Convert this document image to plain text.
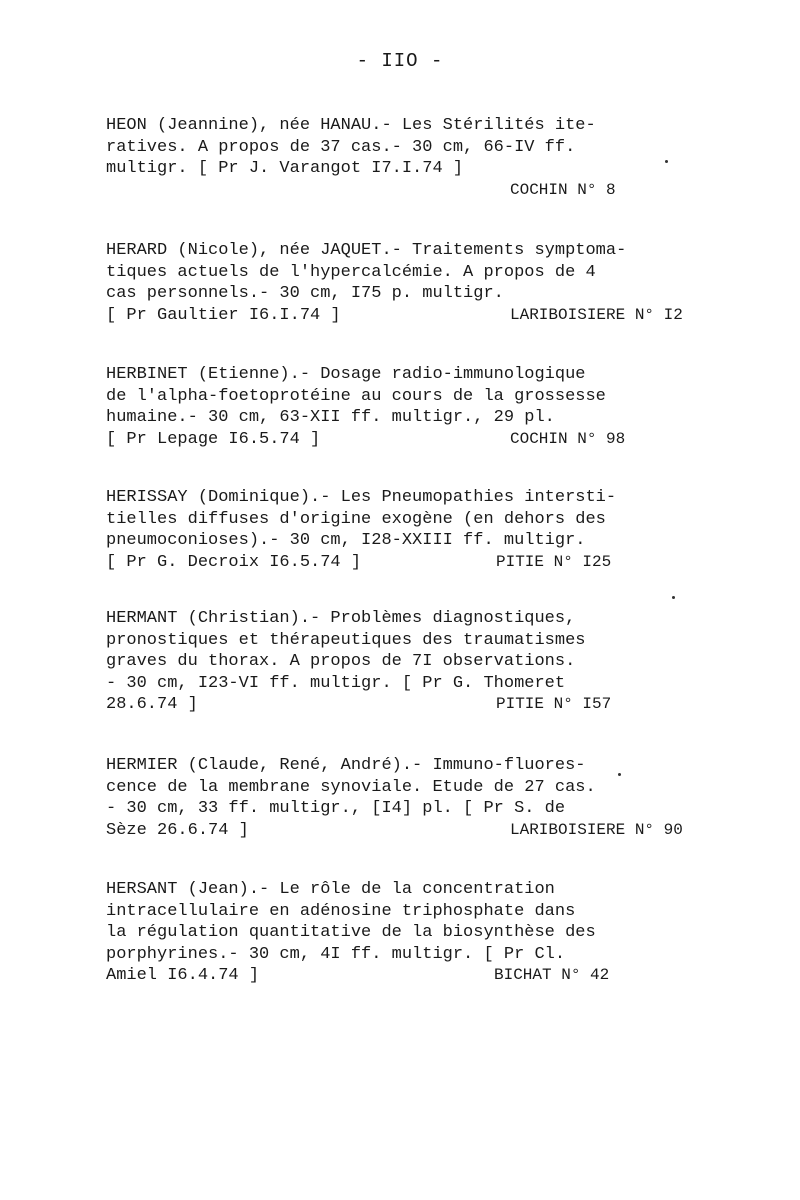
- IIO -
HEON (Jeannine), née HANAU.- Les Stérilités ite-
ratives. A propos de 37 cas.- 30 cm, 66-IV ff.
multigr. [ Pr J. Varangot I7.I.74 ]
COCHIN N° 8
HERARD (Nicole), née JAQUET.- Traitements symptoma-
tiques actuels de l'hypercalcémie. A propos de 4
cas personnels.- 30 cm, I75 p. multigr.
[ Pr Gaultier I6.I.74 ]	LARIBOISIERE N° I2
HERBINET (Etienne).- Dosage radio-immunologique
de l'alpha-foetoprotéine au cours de la grossesse
humaine.- 30 cm, 63-XII ff. multigr., 29 pl.
[ Pr Lepage I6.5.74 ]	COCHIN N° 98
HERISSAY (Dominique).- Les Pneumopathies intersti-
tielles diffuses d'origine exogène (en dehors des
pneumoconioses).- 30 cm, I28-XXIII ff. multigr.
[ Pr G. Decroix I6.5.74 ]	PITIE N° I25
HERMANT (Christian).- Problèmes diagnostiques,
pronostiques et thérapeutiques des traumatismes
graves du thorax. A propos de 7I observations.
- 30 cm, I23-VI ff. multigr. [ Pr G. Thomeret
28.6.74 ]	PITIE N° I57
HERMIER (Claude, René, André).- Immuno-fluores-
cence de la membrane synoviale. Etude de 27 cas.
- 30 cm, 33 ff. multigr., [I4] pl. [ Pr S. de
Sèze 26.6.74 ]	LARIBOISIERE N° 90
HERSANT (Jean).- Le rôle de la concentration
intracellulaire en adénosine triphosphate dans
la régulation quantitative de la biosynthèse des
porphyrines.- 30 cm, 4I ff. multigr. [ Pr Cl.
Amiel I6.4.74 ]	BICHAT N° 42
